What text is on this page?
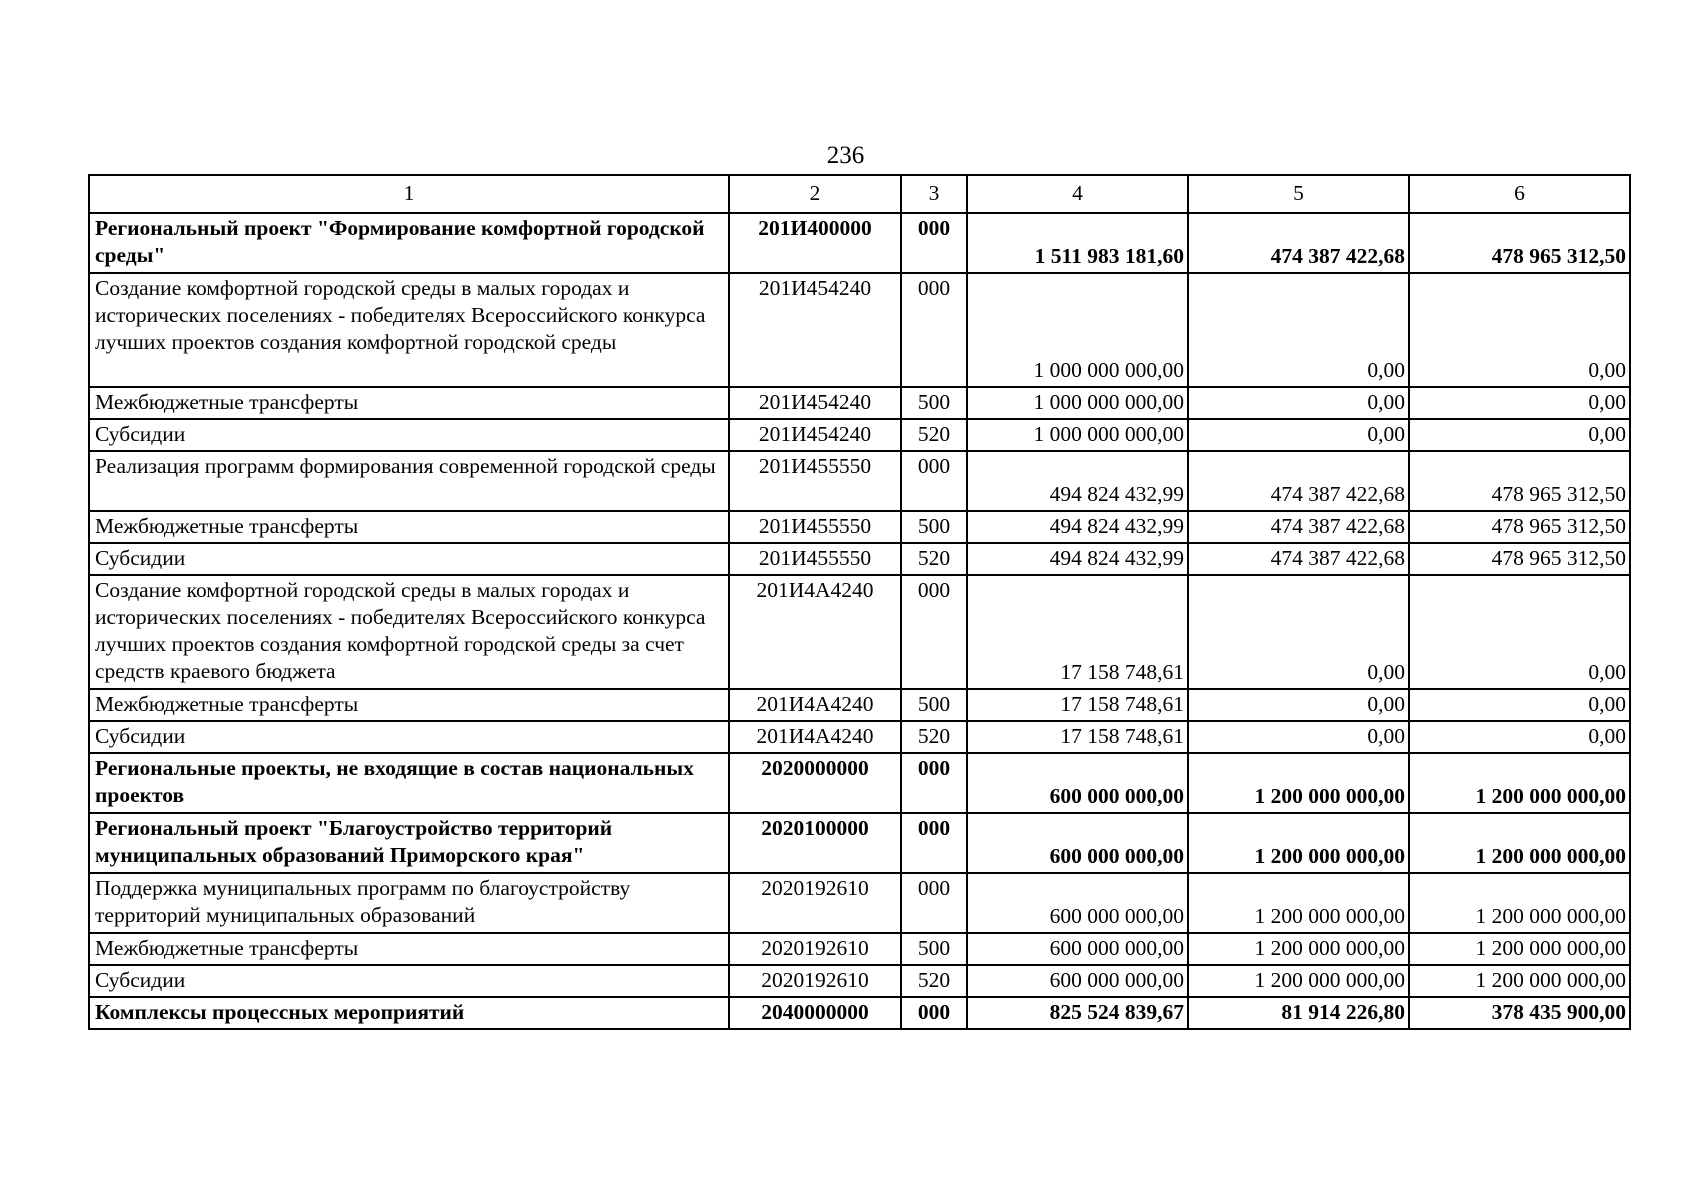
236
1	2	3	4	5	6
Региональный проект "Формирование комфортной городской среды"	201И400000	000	1 511 983 181,60	474 387 422,68	478 965 312,50
Создание комфортной городской среды в малых городах и исторических поселениях - победителях Всероссийского конкурса лучших проектов создания комфортной городской среды	201И454240	000	1 000 000 000,00	0,00	0,00
Межбюджетные трансферты	201И454240	500	1 000 000 000,00	0,00	0,00
Субсидии	201И454240	520	1 000 000 000,00	0,00	0,00
Реализация программ формирования современной городской среды	201И455550	000	494 824 432,99	474 387 422,68	478 965 312,50
Межбюджетные трансферты	201И455550	500	494 824 432,99	474 387 422,68	478 965 312,50
Субсидии	201И455550	520	494 824 432,99	474 387 422,68	478 965 312,50
Создание комфортной городской среды в малых городах и исторических поселениях - победителях Всероссийского конкурса лучших проектов создания комфортной городской среды за счет средств краевого бюджета	201И4А4240	000	17 158 748,61	0,00	0,00
Межбюджетные трансферты	201И4А4240	500	17 158 748,61	0,00	0,00
Субсидии	201И4А4240	520	17 158 748,61	0,00	0,00
Региональные проекты, не входящие в состав национальных проектов	2020000000	000	600 000 000,00	1 200 000 000,00	1 200 000 000,00
Региональный проект "Благоустройство территорий муниципальных образований Приморского края"	2020100000	000	600 000 000,00	1 200 000 000,00	1 200 000 000,00
Поддержка муниципальных программ по благоустройству территорий муниципальных образований	2020192610	000	600 000 000,00	1 200 000 000,00	1 200 000 000,00
Межбюджетные трансферты	2020192610	500	600 000 000,00	1 200 000 000,00	1 200 000 000,00
Субсидии	2020192610	520	600 000 000,00	1 200 000 000,00	1 200 000 000,00
Комплексы процессных мероприятий	2040000000	000	825 524 839,67	81 914 226,80	378 435 900,00
